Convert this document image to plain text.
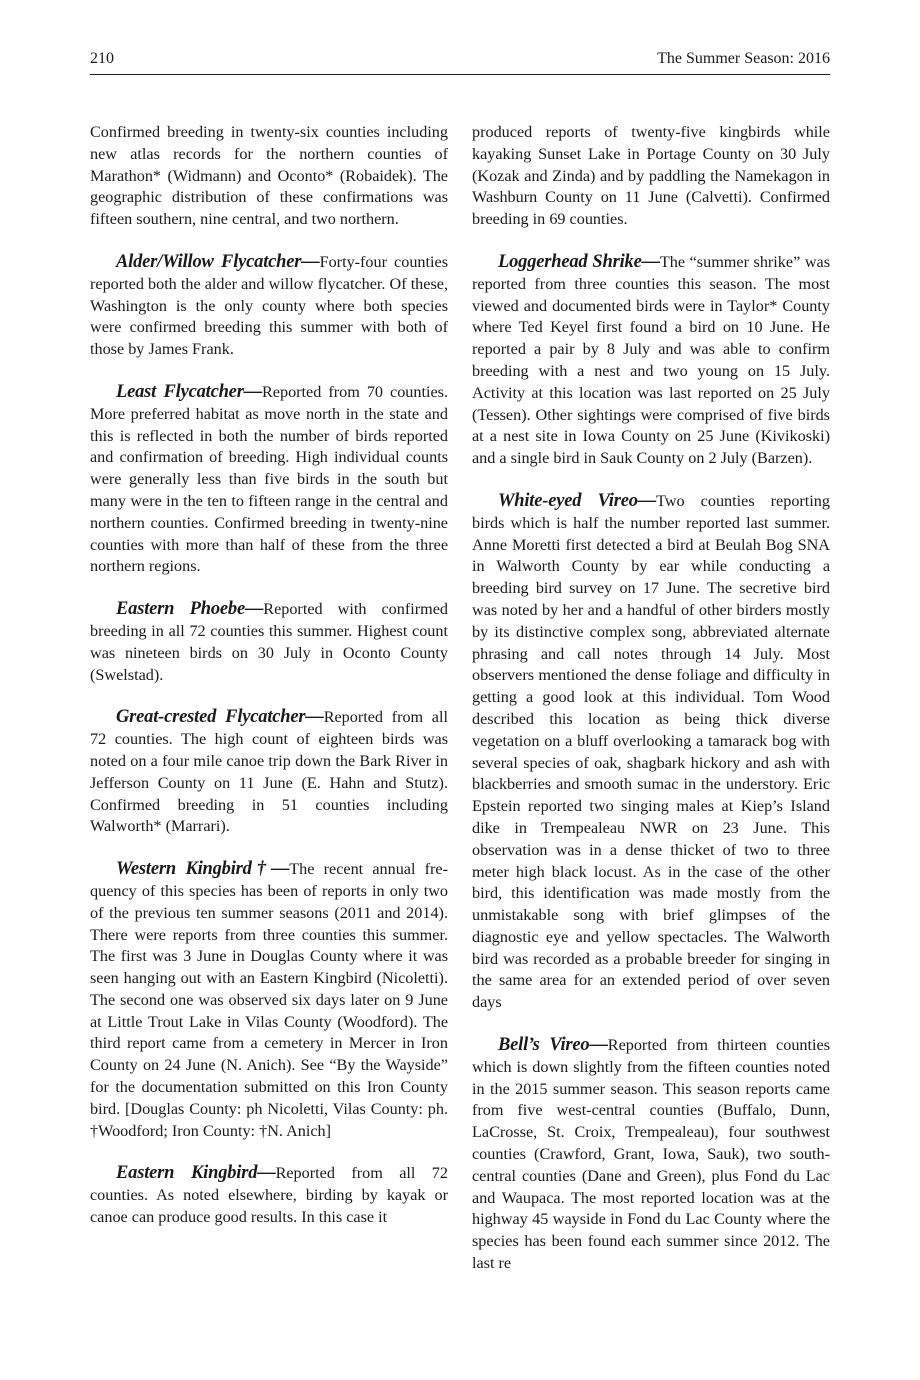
210	The Summer Season: 2016

Confirmed breeding in twenty-six counties including new atlas records for the northern counties of Marathon* (Widmann) and Oconto* (Robaidek). The geographic distribution of these confirmations was fifteen southern, nine central, and two northern.

Alder/Willow Flycatcher—Forty-four counties reported both the alder and willow flycatcher. Of these, Washington is the only county where both species were confirmed breeding this summer with both of those by James Frank.

Least Flycatcher—Reported from 70 counties. More preferred habitat as move north in the state and this is reflected in both the number of birds reported and confirmation of breeding. High individual counts were generally less than five birds in the south but many were in the ten to fifteen range in the central and northern counties. Confirmed breeding in twenty-nine counties with more than half of these from the three northern regions.

Eastern Phoebe—Reported with confirmed breeding in all 72 counties this summer. Highest count was nineteen birds on 30 July in Oconto County (Swelstad).

Great-crested Flycatcher—Reported from all 72 counties. The high count of eighteen birds was noted on a four mile canoe trip down the Bark River in Jefferson County on 11 June (E. Hahn and Stutz). Confirmed breeding in 51 counties including Walworth* (Marrari).

Western Kingbird†—The recent annual frequency of this species has been of reports in only two of the previous ten summer seasons (2011 and 2014). There were reports from three counties this summer. The first was 3 June in Douglas County where it was seen hanging out with an Eastern Kingbird (Nicoletti). The second one was observed six days later on 9 June at Little Trout Lake in Vilas County (Woodford). The third report came from a cemetery in Mercer in Iron County on 24 June (N. Anich). See “By the Wayside” for the documentation submitted on this Iron County bird. [Douglas County: ph Nicoletti, Vilas County: ph. †Woodford; Iron County: †N. Anich]

Eastern Kingbird—Reported from all 72 counties. As noted elsewhere, birding by kayak or canoe can produce good results. In this case it

produced reports of twenty-five kingbirds while kayaking Sunset Lake in Portage County on 30 July (Kozak and Zinda) and by paddling the Namekagon in Washburn County on 11 June (Calvetti). Confirmed breeding in 69 counties.

Loggerhead Shrike—The “summer shrike” was reported from three counties this season. The most viewed and documented birds were in Taylor* County where Ted Keyel first found a bird on 10 June. He reported a pair by 8 July and was able to confirm breeding with a nest and two young on 15 July. Activity at this location was last reported on 25 July (Tessen). Other sightings were comprised of five birds at a nest site in Iowa County on 25 June (Kivikoski) and a single bird in Sauk County on 2 July (Barzen).

White-eyed Vireo—Two counties reporting birds which is half the number reported last summer. Anne Moretti first detected a bird at Beulah Bog SNA in Walworth County by ear while conducting a breeding bird survey on 17 June. The secretive bird was noted by her and a handful of other birders mostly by its distinctive complex song, abbreviated alternate phrasing and call notes through 14 July. Most observers mentioned the dense foliage and difficulty in getting a good look at this individual. Tom Wood described this location as being thick diverse vegetation on a bluff overlooking a tamarack bog with several species of oak, shagbark hickory and ash with blackberries and smooth sumac in the understory. Eric Epstein reported two singing males at Kiep’s Island dike in Trempealeau NWR on 23 June. This observation was in a dense thicket of two to three meter high black locust. As in the case of the other bird, this identification was made mostly from the unmistakable song with brief glimpses of the diagnostic eye and yellow spectacles. The Walworth bird was recorded as a probable breeder for singing in the same area for an extended period of over seven days

Bell’s Vireo—Reported from thirteen counties which is down slightly from the fifteen counties noted in the 2015 summer season. This season reports came from five west-central counties (Buffalo, Dunn, LaCrosse, St. Croix, Trempealeau), four southwest counties (Crawford, Grant, Iowa, Sauk), two south-central counties (Dane and Green), plus Fond du Lac and Waupaca. The most reported location was at the highway 45 wayside in Fond du Lac County where the species has been found each summer since 2012. The last re
